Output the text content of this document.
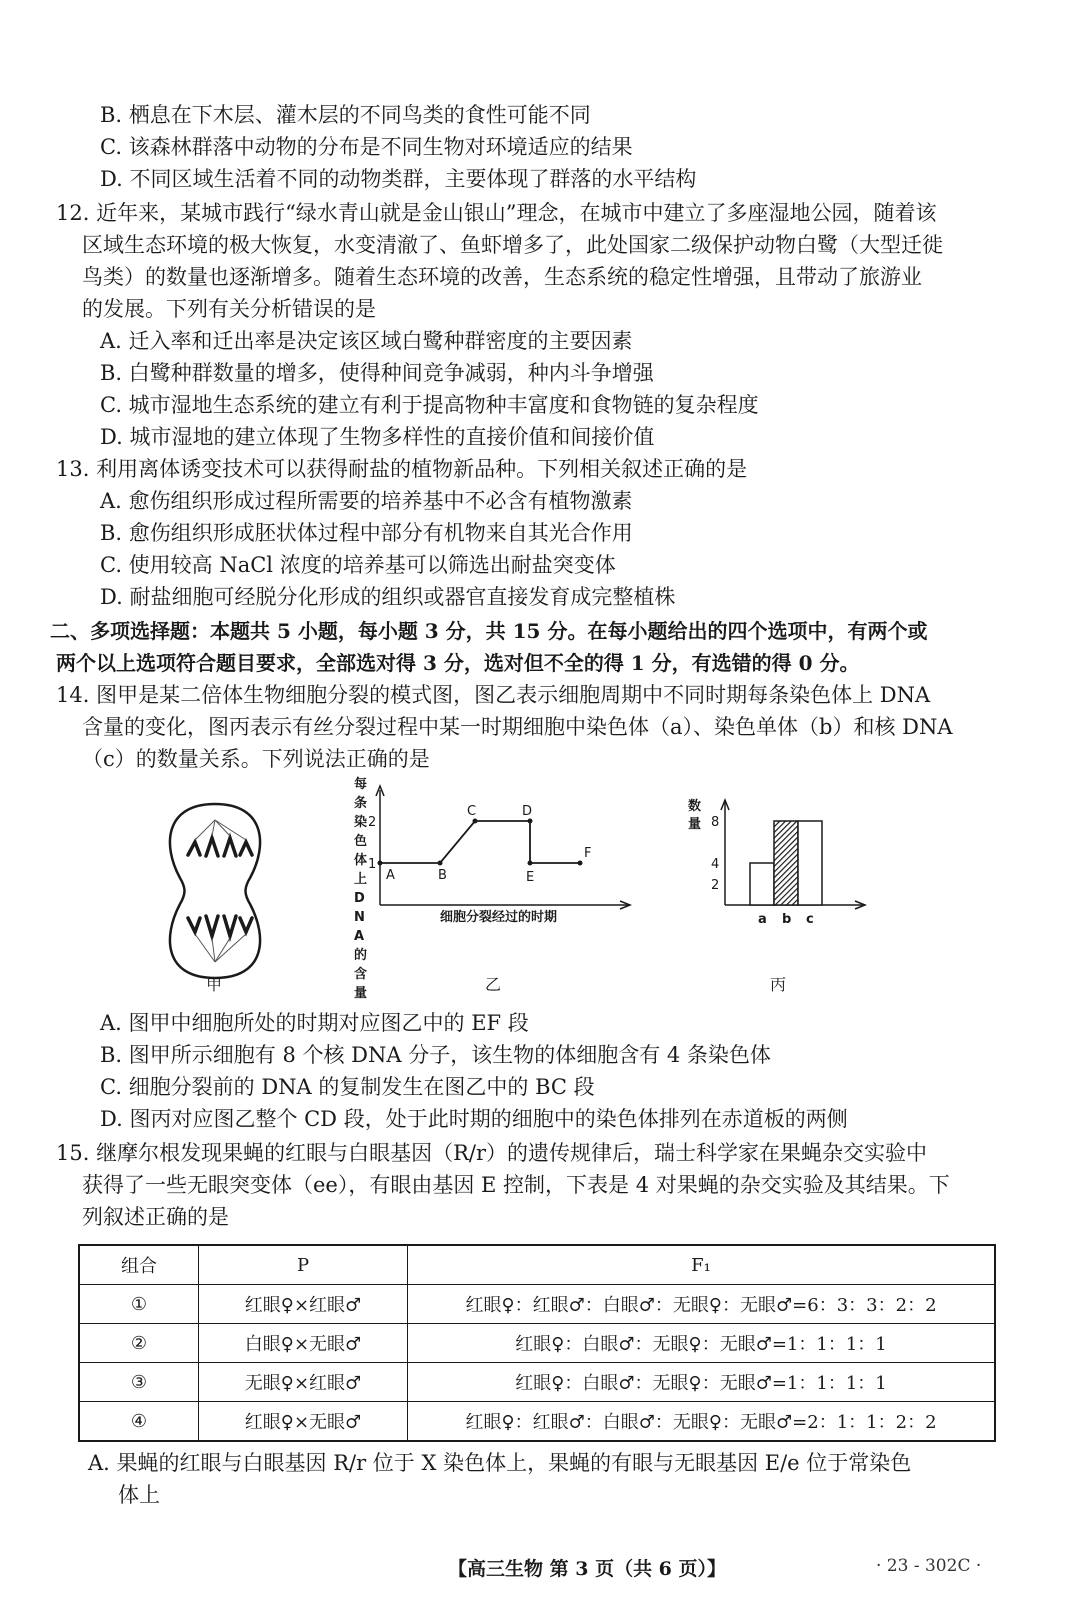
B. 栖息在下木层、灌木层的不同鸟类的食性可能不同
C. 该森林群落中动物的分布是不同生物对环境适应的结果
D. 不同区域生活着不同的动物类群，主要体现了群落的水平结构
12. 近年来，某城市践行“绿水青山就是金山银山”理念，在城市中建立了多座湿地公园，随着该
区域生态环境的极大恢复，水变清澈了、鱼虾增多了，此处国家二级保护动物白鹭（大型迁徙
鸟类）的数量也逐渐增多。随着生态环境的改善，生态系统的稳定性增强，且带动了旅游业
的发展。下列有关分析错误的是
A. 迁入率和迁出率是决定该区域白鹭种群密度的主要因素
B. 白鹭种群数量的增多，使得种间竞争减弱，种内斗争增强
C. 城市湿地生态系统的建立有利于提高物种丰富度和食物链的复杂程度
D. 城市湿地的建立体现了生物多样性的直接价值和间接价值
13. 利用离体诱变技术可以获得耐盐的植物新品种。下列相关叙述正确的是
A. 愈伤组织形成过程所需要的培养基中不必含有植物激素
B. 愈伤组织形成胚状体过程中部分有机物来自其光合作用
C. 使用较高 NaCl 浓度的培养基可以筛选出耐盐突变体
D. 耐盐细胞可经脱分化形成的组织或器官直接发育成完整植株
二、多项选择题：本题共 5 小题，每小题 3 分，共 15 分。在每小题给出的四个选项中，有两个或
两个以上选项符合题目要求，全部选对得 3 分，选对但不全的得 1 分，有选错的得 0 分。
14. 图甲是某二倍体生物细胞分裂的模式图，图乙表示细胞周期中不同时期每条染色体上 DNA
含量的变化，图丙表示有丝分裂过程中某一时期细胞中染色体（a）、染色单体（b）和核 DNA
（c）的数量关系。下列说法正确的是
甲
每
条
染
色
体
上
D
N
A
的
含
量
细胞分裂经过的时期
1
2
A	B
C	D
E
F
乙
数
量
2
4
8
a b c
丙
A. 图甲中细胞所处的时期对应图乙中的 EF 段
B. 图甲所示细胞有 8 个核 DNA 分子，该生物的体细胞含有 4 条染色体
C. 细胞分裂前的 DNA 的复制发生在图乙中的 BC 段
D. 图丙对应图乙整个 CD 段，处于此时期的细胞中的染色体排列在赤道板的两侧
15. 继摩尔根发现果蝇的红眼与白眼基因（R/r）的遗传规律后，瑞士科学家在果蝇杂交实验中
获得了一些无眼突变体（ee），有眼由基因 E 控制，下表是 4 对果蝇的杂交实验及其结果。下
列叙述正确的是
组合	P	F₁
①	红眼♀×红眼♂	红眼♀：红眼♂：白眼♂：无眼♀：无眼♂=6：3：3：2：2
②	白眼♀×无眼♂	红眼♀：白眼♂：无眼♀：无眼♂=1：1：1：1
③	无眼♀×红眼♂	红眼♀：白眼♂：无眼♀：无眼♂=1：1：1：1
④	红眼♀×无眼♂	红眼♀：红眼♂：白眼♂：无眼♀：无眼♂=2：1：1：2：2
A. 果蝇的红眼与白眼基因 R/r 位于 X 染色体上，果蝇的有眼与无眼基因 E/e 位于常染色
体上
【高三生物 第 3 页（共 6 页）】	· 23 - 302C ·
